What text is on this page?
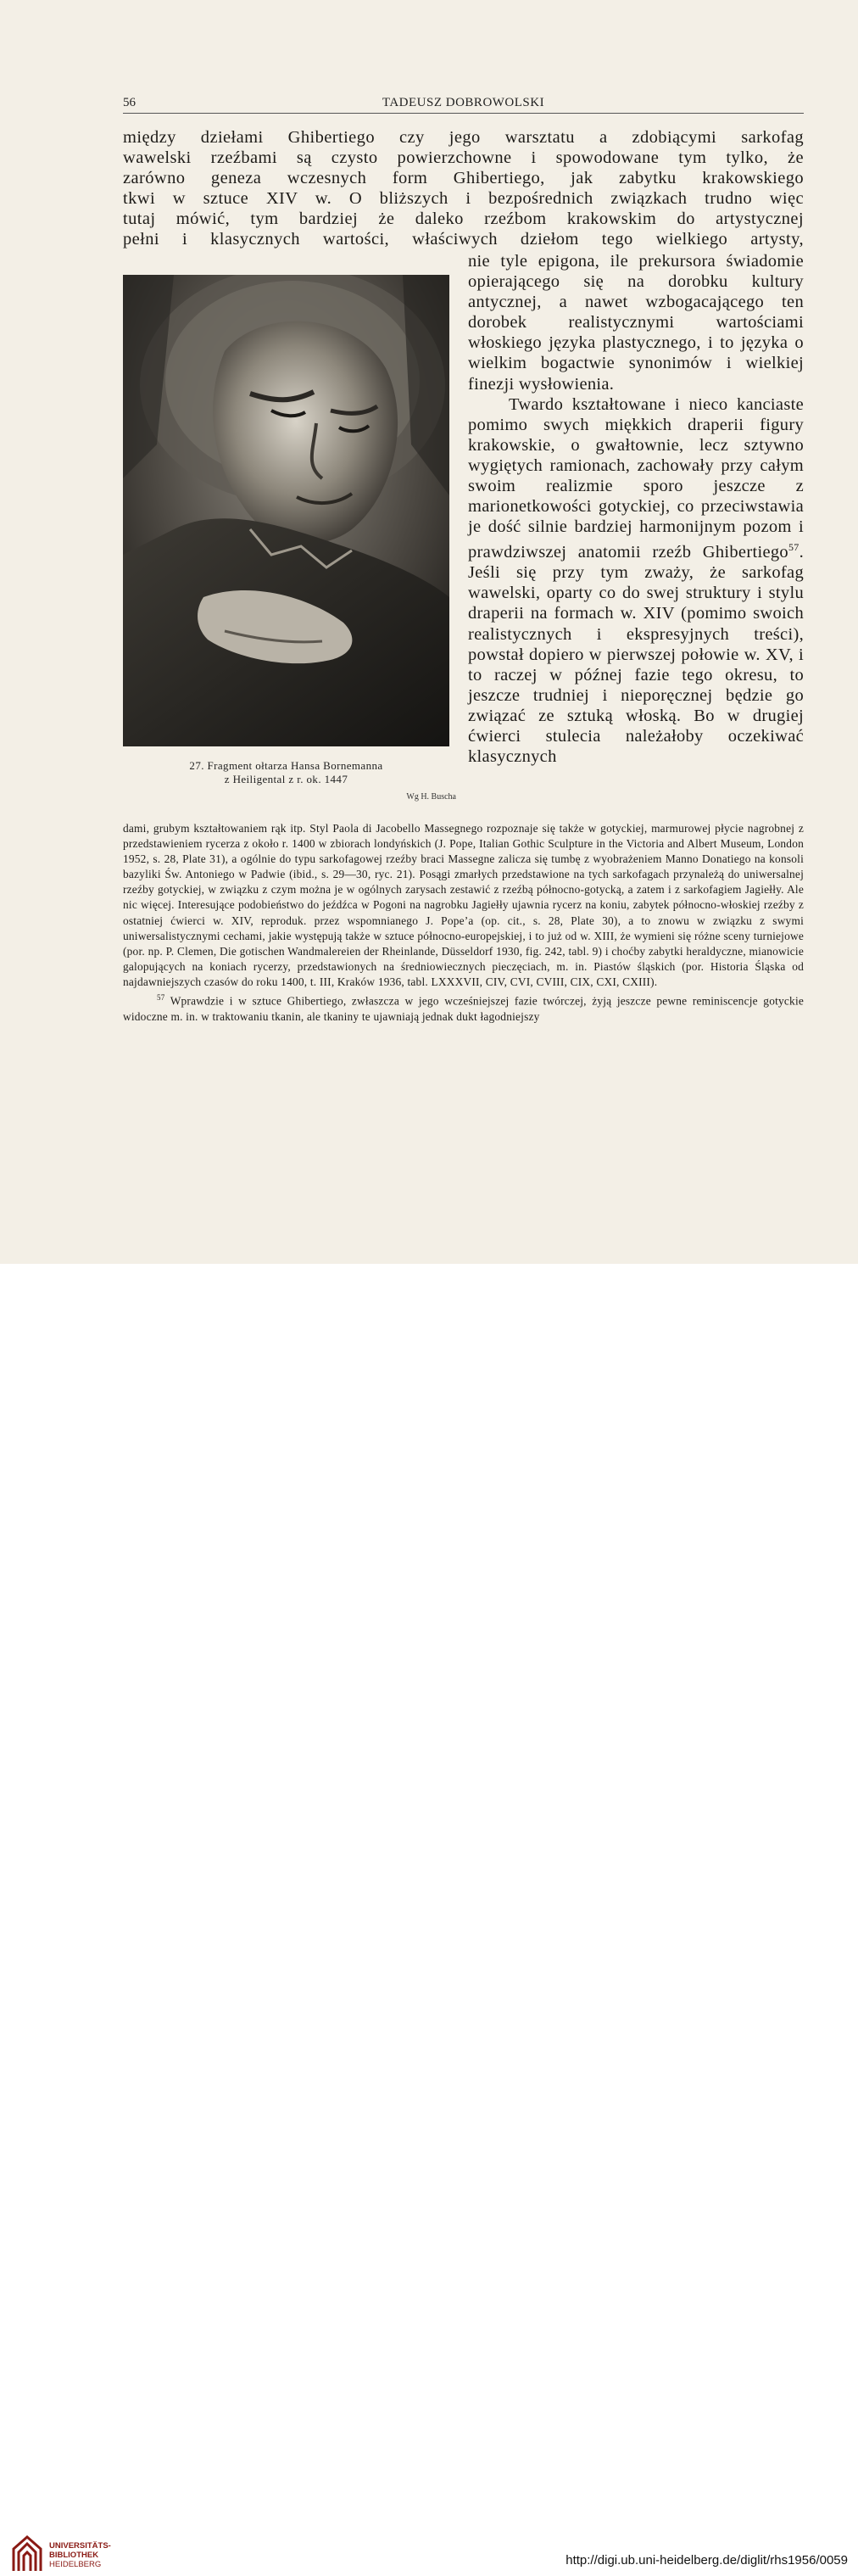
56	TADEUSZ DOBROWOLSKI

między dziełami Ghibertiego czy jego warsztatu a zdobiącymi sarkofag

wawelski rzeźbami są czysto powierzchowne i spowodowane tym tylko, że

zarówno geneza wczesnych form Ghibertiego, jak zabytku krakowskiego

tkwi w sztuce XIV w. O bliższych i bezpośrednich związkach trudno więc

tutaj mówić, tym bardziej że daleko rzeźbom krakowskim do artystycznej

pełni i klasycznych wartości, właściwych dziełom tego wielkiego artysty,

nie tyle epigona, ile prekursora świadomie opierającego się na dorobku kultury antycznej, a nawet wzbogacającego ten dorobek realistycznymi wartościami włoskiego języka plastycznego, i to języka o wielkim bogactwie synonimów i wielkiej finezji wysłowienia.

Twardo kształtowane i nieco kanciaste pomimo swych miękkich draperii figury krakowskie, o gwałtownie, lecz sztywno wygiętych ramionach, zachowały przy całym swoim realizmie sporo jeszcze z marionetkowości gotyckiej, co przeciwstawia je dość silnie bardziej harmonijnym pozom i prawdziwszej anatomii rzeźb Ghibertiego$^{57}$. Jeśli się przy tym zważy, że sarkofag wawelski, oparty co do swej struktury i stylu draperii na formach w. XIV (pomimo swoich realistycznych i ekspresyjnych treści), powstał dopiero w pierwszej połowie w. XV, i to raczej w późnej fazie tego okresu, to jeszcze trudniej i nieporęcznej będzie go związać ze sztuką włoską. Bo w drugiej ćwierci stulecia należałoby oczekiwać klasycznych

27. Fragment ołtarza Hansa Bornemanna
z Heiligental z r. ok. 1447
Wg H. Buscha

dami, grubym kształtowaniem rąk itp. Styl Paola di Jacobello Massegnego rozpoznaje się także w gotyckiej, marmurowej płycie nagrobnej z przedstawieniem rycerza z około r. 1400 w zbiorach londyńskich (J. Pope, Italian Gothic Sculpture in the Victoria and Albert Museum, London 1952, s. 28, Plate 31), a ogólnie do typu sarkofagowej rzeźby braci Massegne zalicza się tumbę z wyobrażeniem Manno Donatiego na konsoli bazyliki Św. Antoniego w Padwie (ibid., s. 29—30, ryc. 21). Posągi zmarłych przedstawione na tych sarkofagach przynależą do uniwersalnej rzeźby gotyckiej, w związku z czym można je w ogólnych zarysach zestawić z rzeźbą północno-gotycką, a zatem i z sarkofagiem Jagiełły. Ale nic więcej. Interesujące podobieństwo do jeźdźca w Pogoni na nagrobku Jagiełły ujawnia rycerz na koniu, zabytek północno-włoskiej rzeźby z ostatniej ćwierci w. XIV, reproduk. przez wspomnianego J. Pope’a (op. cit., s. 28, Plate 30), a to znowu w związku z swymi uniwersalistycznymi cechami, jakie występują także w sztuce północno-europejskiej, i to już od w. XIII, że wymieni się różne sceny turniejowe (por. np. P. Clemen, Die gotischen Wandmalereien der Rheinlande, Düsseldorf 1930, fig. 242, tabl. 9) i choćby zabytki heraldyczne, mianowicie galopujących na koniach rycerzy, przedstawionych na średniowiecznych pieczęciach, m. in. Piastów śląskich (por. Historia Śląska od najdawniejszych czasów do roku 1400, t. III, Kraków 1936, tabl. LXXXVII, CIV, CVI, CVIII, CIX, CXI, CXIII).

$^{57}$ Wprawdzie i w sztuce Ghibertiego, zwłaszcza w jego wcześniejszej fazie twórczej, żyją jeszcze pewne reminiscencje gotyckie widoczne m. in. w traktowaniu tkanin, ale tkaniny te ujawniają jednak dukt łagodniejszy

UNIVERSITÄTS-
BIBLIOTHEK
HEIDELBERG	http://digi.ub.uni-heidelberg.de/diglit/rhs1956/0059
